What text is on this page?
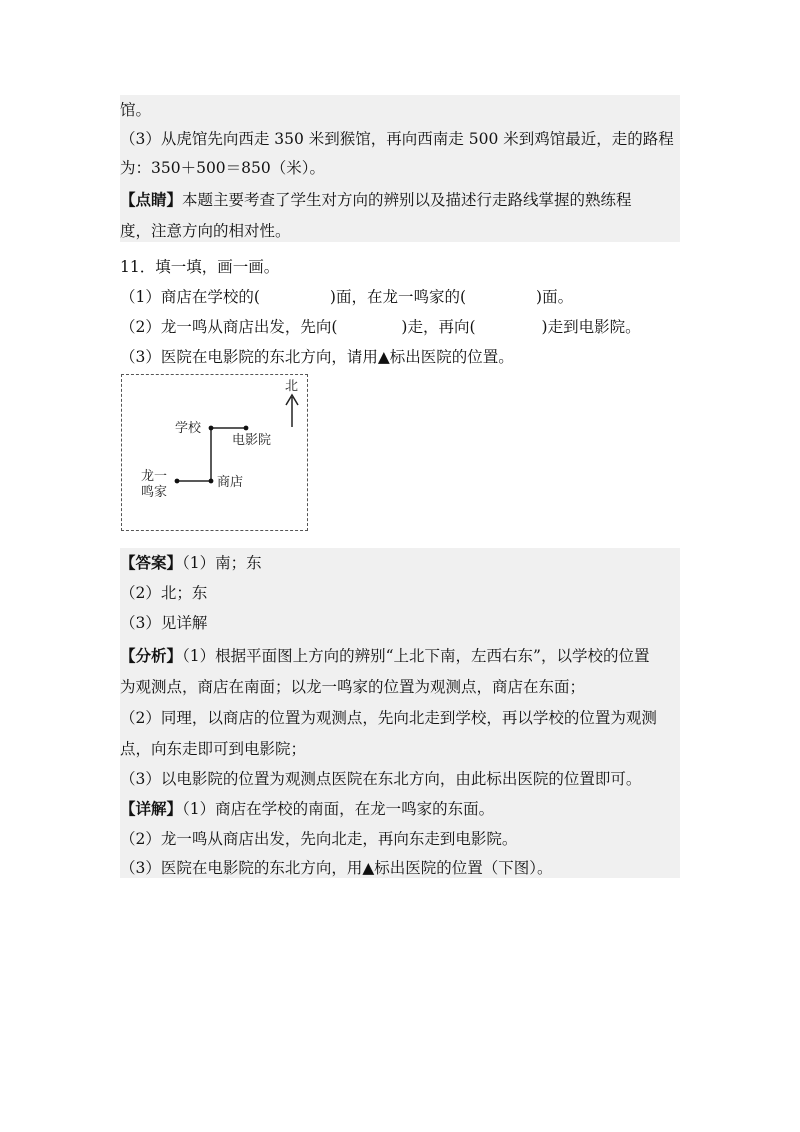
馆。
（3）从虎馆先向西走 350 米到猴馆，再向西南走 500 米到鸡馆最近，走的路程
为：350＋500＝850（米）。
【点睛】本题主要考查了学生对方向的辨别以及描述行走路线掌握的熟练程
度，注意方向的相对性。
11．填一填，画一画。
（1）商店在学校的(	)面，在龙一鸣家的(	)面。
（2）龙一鸣从商店出发，先向(	)走，再向(	)走到电影院。
（3）医院在电影院的东北方向，请用▲标出医院的位置。
北
学校
电影院
龙一
鸣家
商店
【答案】（1）南；东
（2）北；东
（3）见详解
【分析】（1）根据平面图上方向的辨别“上北下南，左西右东”，以学校的位置
为观测点，商店在南面；以龙一鸣家的位置为观测点，商店在东面；
（2）同理，以商店的位置为观测点，先向北走到学校，再以学校的位置为观测
点，向东走即可到电影院；
（3）以电影院的位置为观测点医院在东北方向，由此标出医院的位置即可。
【详解】（1）商店在学校的南面，在龙一鸣家的东面。
（2）龙一鸣从商店出发，先向北走，再向东走到电影院。
（3）医院在电影院的东北方向，用▲标出医院的位置（下图）。
